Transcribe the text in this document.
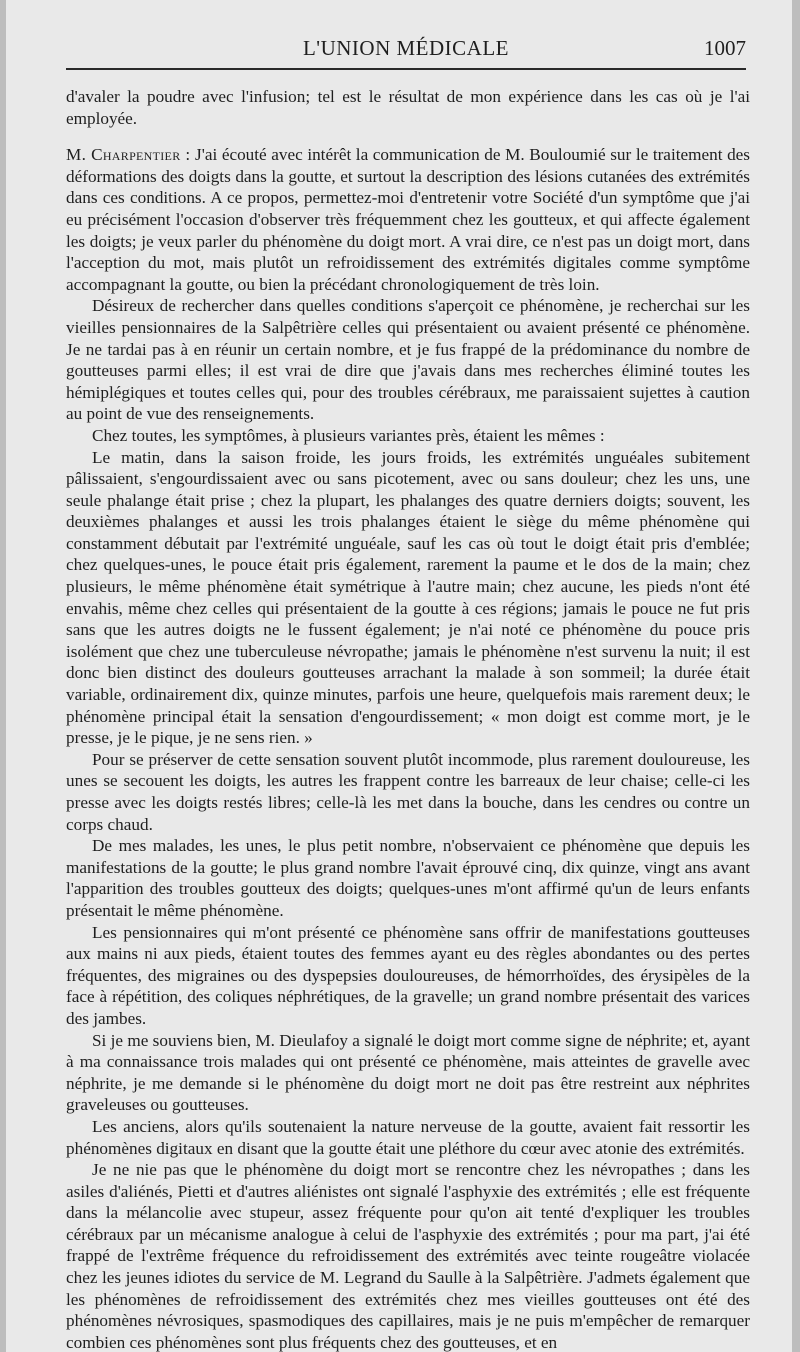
L'UNION MÉDICALE	1007

d'avaler la poudre avec l'infusion; tel est le résultat de mon expérience dans les cas où je l'ai employée.

M. Charpentier : J'ai écouté avec intérêt la communication de M. Bouloumié sur le traitement des déformations des doigts dans la goutte, et surtout la description des lésions cutanées des extrémités dans ces conditions. A ce propos, permettez-moi d'entretenir votre Société d'un symptôme que j'ai eu précisément l'occasion d'observer très fréquemment chez les goutteux, et qui affecte également les doigts; je veux parler du phénomène du doigt mort. A vrai dire, ce n'est pas un doigt mort, dans l'acception du mot, mais plutôt un refroidissement des extrémités digitales comme symptôme accompagnant la goutte, ou bien la précédant chronologiquement de très loin.

Désireux de rechercher dans quelles conditions s'aperçoit ce phénomène, je recherchai sur les vieilles pensionnaires de la Salpêtrière celles qui présentaient ou avaient présenté ce phénomène. Je ne tardai pas à en réunir un certain nombre, et je fus frappé de la prédominance du nombre de goutteuses parmi elles; il est vrai de dire que j'avais dans mes recherches éliminé toutes les hémiplégiques et toutes celles qui, pour des troubles cérébraux, me paraissaient sujettes à caution au point de vue des renseignements.

Chez toutes, les symptômes, à plusieurs variantes près, étaient les mêmes :

Le matin, dans la saison froide, les jours froids, les extrémités unguéales subitement pâlissaient, s'engourdissaient avec ou sans picotement, avec ou sans douleur; chez les uns, une seule phalange était prise ; chez la plupart, les phalanges des quatre derniers doigts; souvent, les deuxièmes phalanges et aussi les trois phalanges étaient le siège du même phénomène qui constamment débutait par l'extrémité unguéale, sauf les cas où tout le doigt était pris d'emblée; chez quelques-unes, le pouce était pris également, rarement la paume et le dos de la main; chez plusieurs, le même phénomène était symétrique à l'autre main; chez aucune, les pieds n'ont été envahis, même chez celles qui présentaient de la goutte à ces régions; jamais le pouce ne fut pris sans que les autres doigts ne le fussent également; je n'ai noté ce phénomène du pouce pris isolément que chez une tuberculeuse névropathe; jamais le phénomène n'est survenu la nuit; il est donc bien distinct des douleurs goutteuses arrachant la malade à son sommeil; la durée était variable, ordinairement dix, quinze minutes, parfois une heure, quelquefois mais rarement deux; le phénomène principal était la sensation d'engourdissement; « mon doigt est comme mort, je le presse, je le pique, je ne sens rien. »

Pour se préserver de cette sensation souvent plutôt incommode, plus rarement douloureuse, les unes se secouent les doigts, les autres les frappent contre les barreaux de leur chaise; celle-ci les presse avec les doigts restés libres; celle-là les met dans la bouche, dans les cendres ou contre un corps chaud.

De mes malades, les unes, le plus petit nombre, n'observaient ce phénomène que depuis les manifestations de la goutte; le plus grand nombre l'avait éprouvé cinq, dix quinze, vingt ans avant l'apparition des troubles goutteux des doigts; quelques-unes m'ont affirmé qu'un de leurs enfants présentait le même phénomène.

Les pensionnaires qui m'ont présenté ce phénomène sans offrir de manifestations goutteuses aux mains ni aux pieds, étaient toutes des femmes ayant eu des règles abondantes ou des pertes fréquentes, des migraines ou des dyspepsies douloureuses, de hémorrhoïdes, des érysipèles de la face à répétition, des coliques néphrétiques, de la gravelle; un grand nombre présentait des varices des jambes.

Si je me souviens bien, M. Dieulafoy a signalé le doigt mort comme signe de néphrite; et, ayant à ma connaissance trois malades qui ont présenté ce phénomène, mais atteintes de gravelle avec néphrite, je me demande si le phénomène du doigt mort ne doit pas être restreint aux néphrites graveleuses ou goutteuses.

Les anciens, alors qu'ils soutenaient la nature nerveuse de la goutte, avaient fait ressortir les phénomènes digitaux en disant que la goutte était une pléthore du cœur avec atonie des extrémités.

Je ne nie pas que le phénomène du doigt mort se rencontre chez les névropathes ; dans les asiles d'aliénés, Pietti et d'autres aliénistes ont signalé l'asphyxie des extrémités ; elle est fréquente dans la mélancolie avec stupeur, assez fréquente pour qu'on ait tenté d'expliquer les troubles cérébraux par un mécanisme analogue à celui de l'asphyxie des extrémités ; pour ma part, j'ai été frappé de l'extrême fréquence du refroidissement des extrémités avec teinte rougeâtre violacée chez les jeunes idiotes du service de M. Legrand du Saulle à la Salpêtrière. J'admets également que les phénomènes de refroidissement des extrémités chez mes vieilles goutteuses ont été des phénomènes névrosiques, spasmodiques des capillaires, mais je ne puis m'empêcher de remarquer combien ces phénomènes sont plus fréquents chez des goutteuses, et en
